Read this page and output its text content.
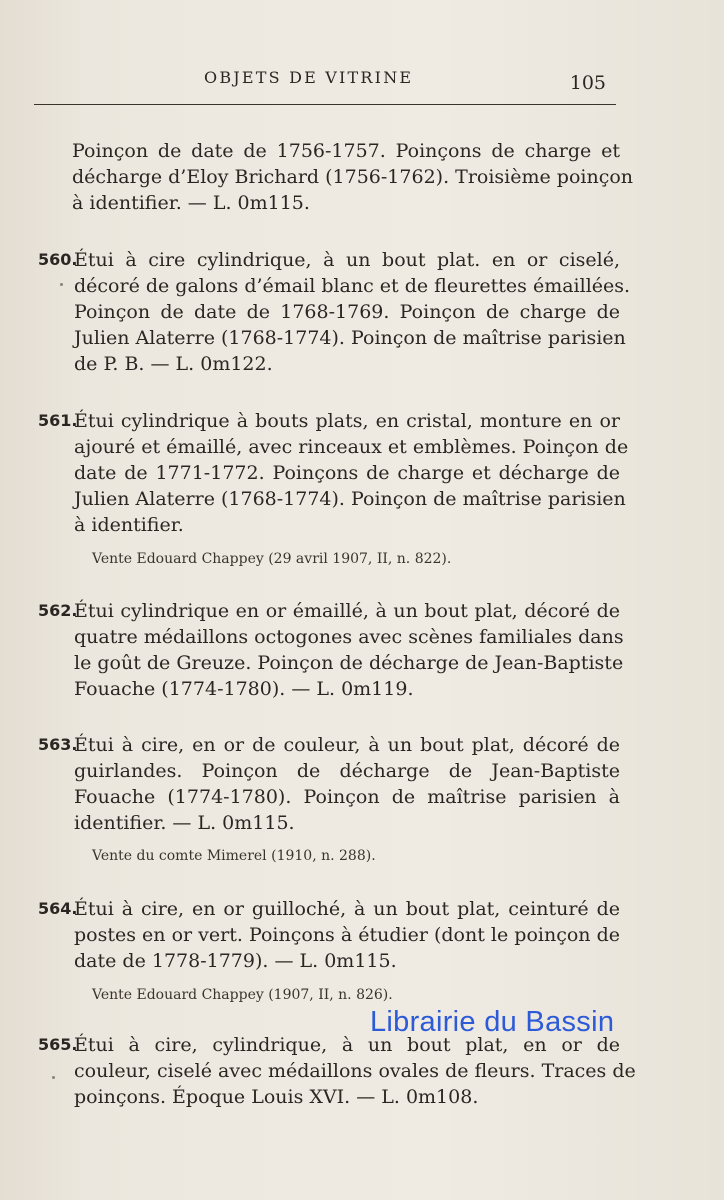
OBJETS DE VITRINE	105
Poinçon de date de 1756-1757. Poinçons de charge et
décharge d’Eloy Brichard (1756-1762). Troisième poinçon
à identifier. — L. 0m115.
560.
Étui à cire cylindrique, à un bout plat. en or ciselé,
décoré de galons d’émail blanc et de fleurettes émaillées.
Poinçon de date de 1768-1769. Poinçon de charge de
Julien Alaterre (1768-1774). Poinçon de maîtrise parisien
de P. B. — L. 0m122.
561.
Étui cylindrique à bouts plats, en cristal, monture en or
ajouré et émaillé, avec rinceaux et emblèmes. Poinçon de
date de 1771-1772. Poinçons de charge et décharge de
Julien Alaterre (1768-1774). Poinçon de maîtrise parisien
à identifier.
Vente Edouard Chappey (29 avril 1907, II, n. 822).
562.
Étui cylindrique en or émaillé, à un bout plat, décoré de
quatre médaillons octogones avec scènes familiales dans
le goût de Greuze. Poinçon de décharge de Jean-Baptiste
Fouache (1774-1780). — L. 0m119.
563.
Étui à cire, en or de couleur, à un bout plat, décoré de
guirlandes. Poinçon de décharge de Jean-Baptiste
Fouache (1774-1780). Poinçon de maîtrise parisien à
identifier. — L. 0m115.
Vente du comte Mimerel (1910, n. 288).
564.
Étui à cire, en or guilloché, à un bout plat, ceinturé de
postes en or vert. Poinçons à étudier (dont le poinçon de
date de 1778-1779). — L. 0m115.
Vente Edouard Chappey (1907, II, n. 826).
565.
Étui à cire, cylindrique, à un bout plat, en or de
couleur, ciselé avec médaillons ovales de fleurs. Traces de
poinçons. Époque Louis XVI. — L. 0m108.
Librairie du Bassin
